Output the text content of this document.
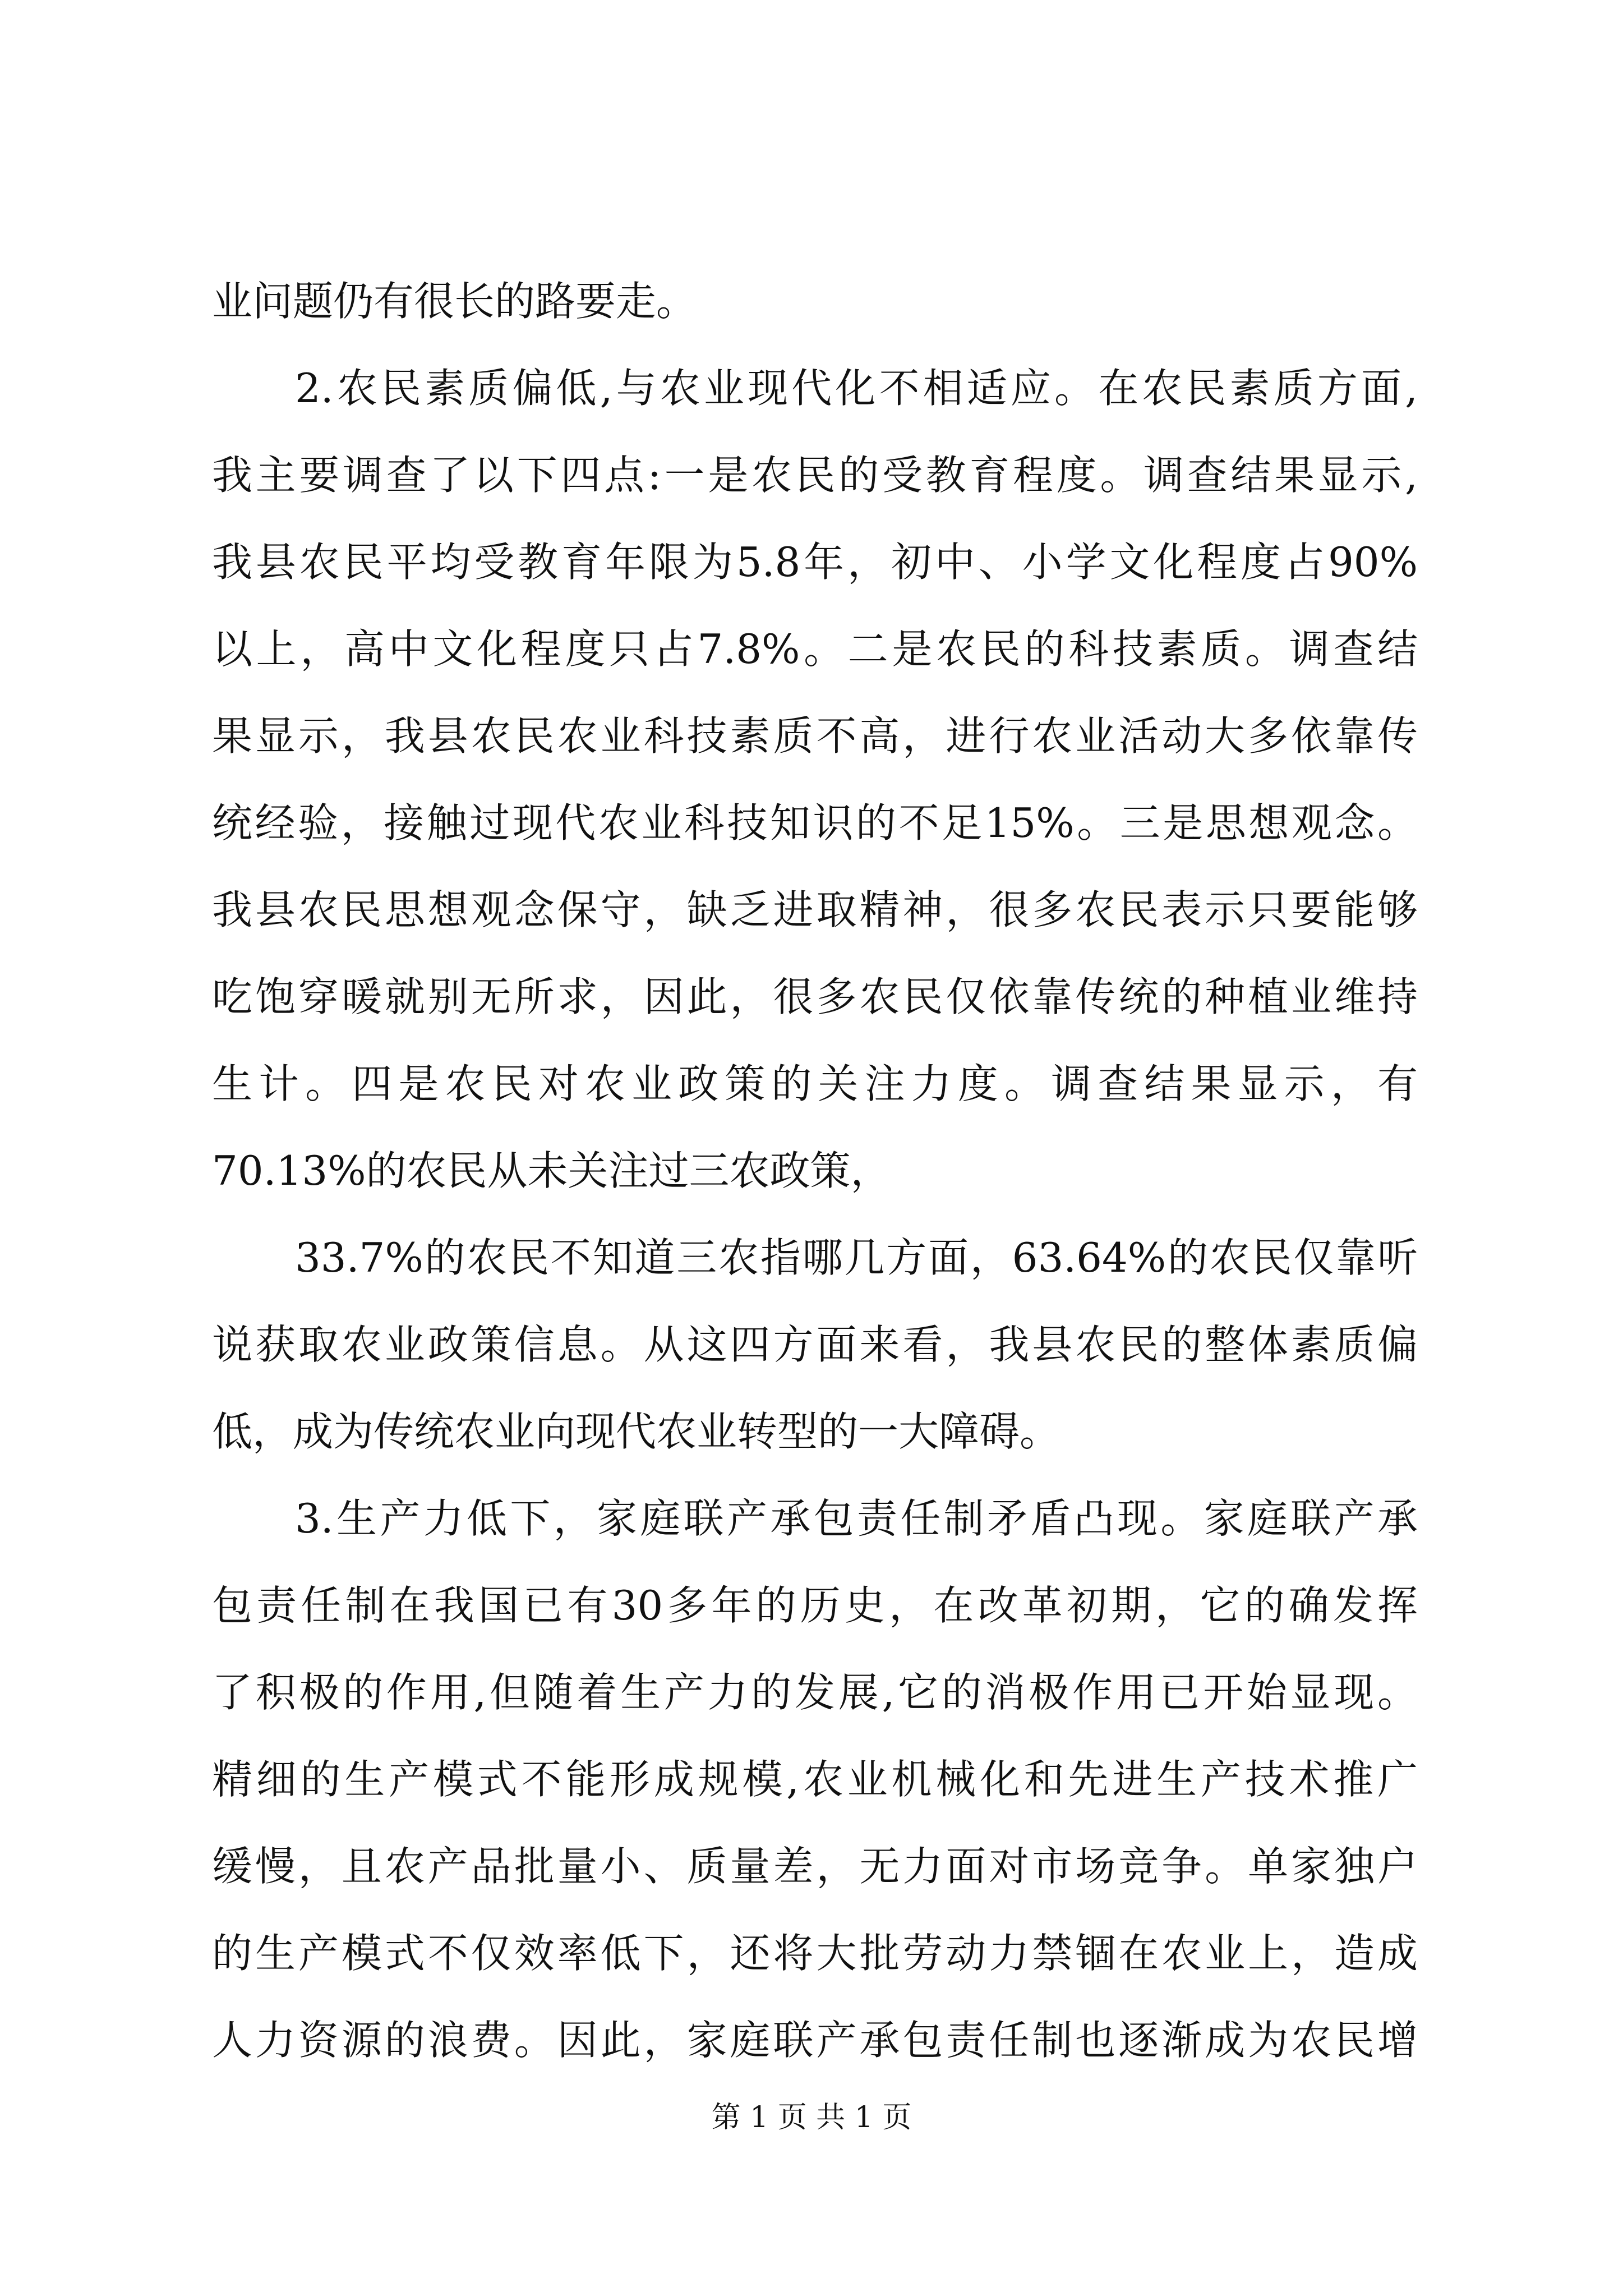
业问题仍有很长的路要走。
2.农民素质偏低,与农业现代化不相适应。在农民素质方面,
我主要调查了以下四点:一是农民的受教育程度。调查结果显示,
我县农民平均受教育年限为5.8年，初中、小学文化程度占90%
以上，高中文化程度只占7.8%。二是农民的科技素质。调查结
果显示，我县农民农业科技素质不高，进行农业活动大多依靠传
统经验，接触过现代农业科技知识的不足15%。三是思想观念。
我县农民思想观念保守，缺乏进取精神，很多农民表示只要能够
吃饱穿暖就别无所求，因此，很多农民仅依靠传统的种植业维持
生计。四是农民对农业政策的关注力度。调查结果显示，有
70.13%的农民从未关注过三农政策，
33.7%的农民不知道三农指哪几方面，63.64%的农民仅靠听
说获取农业政策信息。从这四方面来看，我县农民的整体素质偏
低，成为传统农业向现代农业转型的一大障碍。
3.生产力低下，家庭联产承包责任制矛盾凸现。家庭联产承
包责任制在我国已有30多年的历史，在改革初期，它的确发挥
了积极的作用,但随着生产力的发展,它的消极作用已开始显现。
精细的生产模式不能形成规模,农业机械化和先进生产技术推广
缓慢，且农产品批量小、质量差，无力面对市场竞争。单家独户
的生产模式不仅效率低下，还将大批劳动力禁锢在农业上，造成
人力资源的浪费。因此，家庭联产承包责任制也逐渐成为农民增
第 1 页 共 1 页
